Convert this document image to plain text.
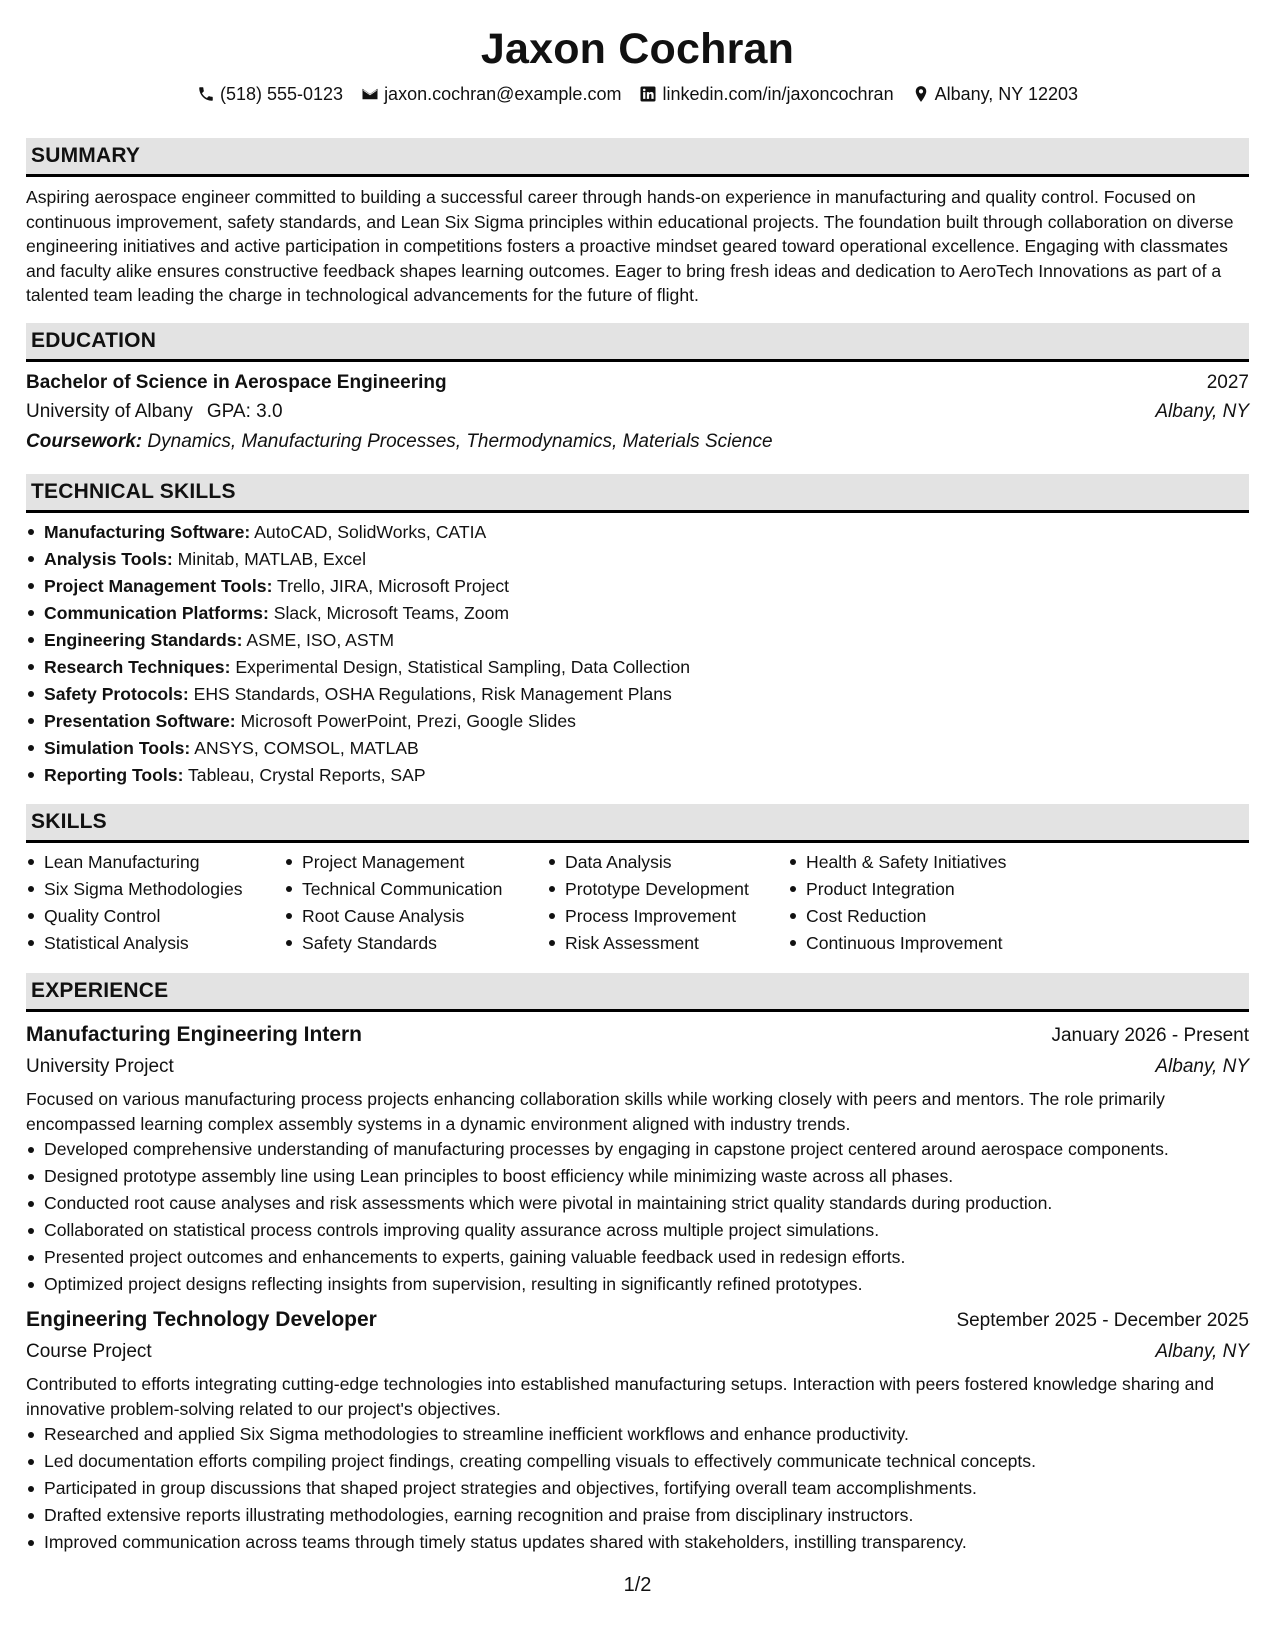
Jaxon Cochran
(518) 555-0123 jaxon.cochran@example.com linkedin.com/in/jaxoncochran Albany, NY 12203
SUMMARY

Aspiring aerospace engineer committed to building a successful career through hands-on experience in manufacturing and quality control. Focused on continuous improvement, safety standards, and Lean Six Sigma principles within educational projects. The foundation built through collaboration on diverse engineering initiatives and active participation in competitions fosters a proactive mindset geared toward operational excellence. Engaging with classmates and faculty alike ensures constructive feedback shapes learning outcomes. Eager to bring fresh ideas and dedication to AeroTech Innovations as part of a talented team leading the charge in technological advancements for the future of flight.

EDUCATION
Bachelor of Science in Aerospace Engineering	2027
University of Albany GPA: 3.0	Albany, NY
Coursework: Dynamics, Manufacturing Processes, Thermodynamics, Materials Science
TECHNICAL SKILLS
Manufacturing Software: AutoCAD, SolidWorks, CATIA
Analysis Tools: Minitab, MATLAB, Excel
Project Management Tools: Trello, JIRA, Microsoft Project
Communication Platforms: Slack, Microsoft Teams, Zoom
Engineering Standards: ASME, ISO, ASTM
Research Techniques: Experimental Design, Statistical Sampling, Data Collection
Safety Protocols: EHS Standards, OSHA Regulations, Risk Management Plans
Presentation Software: Microsoft PowerPoint, Prezi, Google Slides
Simulation Tools: ANSYS, COMSOL, MATLAB
Reporting Tools: Tableau, Crystal Reports, SAP
SKILLS
Lean Manufacturing
Six Sigma Methodologies
Quality Control
Statistical Analysis
Project Management
Technical Communication
Root Cause Analysis
Safety Standards
Data Analysis
Prototype Development
Process Improvement
Risk Assessment
Health & Safety Initiatives
Product Integration
Cost Reduction
Continuous Improvement
EXPERIENCE
Manufacturing Engineering Intern	January 2026 - Present
University Project	Albany, NY

Focused on various manufacturing process projects enhancing collaboration skills while working closely with peers and mentors. The role primarily encompassed learning complex assembly systems in a dynamic environment aligned with industry trends.

Developed comprehensive understanding of manufacturing processes by engaging in capstone project centered around aerospace components.
Designed prototype assembly line using Lean principles to boost efficiency while minimizing waste across all phases.
Conducted root cause analyses and risk assessments which were pivotal in maintaining strict quality standards during production.
Collaborated on statistical process controls improving quality assurance across multiple project simulations.
Presented project outcomes and enhancements to experts, gaining valuable feedback used in redesign efforts.
Optimized project designs reflecting insights from supervision, resulting in significantly refined prototypes.
Engineering Technology Developer	September 2025 - December 2025
Course Project	Albany, NY

Contributed to efforts integrating cutting-edge technologies into established manufacturing setups. Interaction with peers fostered knowledge sharing and innovative problem-solving related to our project's objectives.

Researched and applied Six Sigma methodologies to streamline inefficient workflows and enhance productivity.
Led documentation efforts compiling project findings, creating compelling visuals to effectively communicate technical concepts.
Participated in group discussions that shaped project strategies and objectives, fortifying overall team accomplishments.
Drafted extensive reports illustrating methodologies, earning recognition and praise from disciplinary instructors.
Improved communication across teams through timely status updates shared with stakeholders, instilling transparency.
1/2
